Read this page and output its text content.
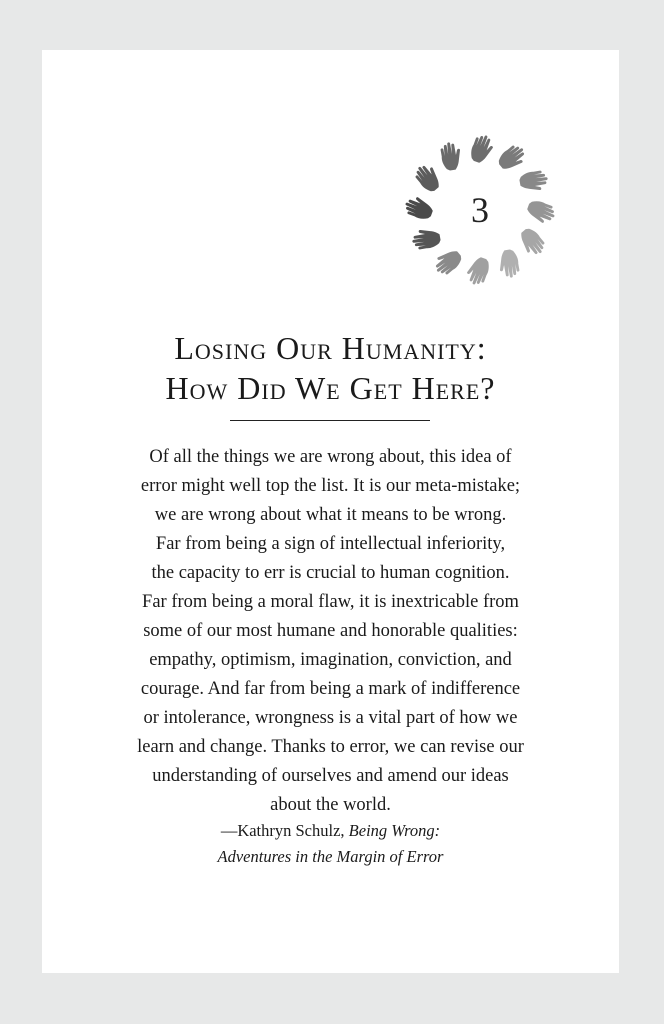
3
Losing Our Humanity:
How Did We Get Here?
Of all the things we are wrong about, this idea of
error might well top the list. It is our meta-mistake;
we are wrong about what it means to be wrong.
Far from being a sign of intellectual inferiority,
the capacity to err is crucial to human cognition.
Far from being a moral flaw, it is inextricable from
some of our most humane and honorable qualities:
empathy, optimism, imagination, conviction, and
courage. And far from being a mark of indifference
or intolerance, wrongness is a vital part of how we
learn and change. Thanks to error, we can revise our
understanding of ourselves and amend our ideas
about the world.
—Kathryn Schulz, Being Wrong:
Adventures in the Margin of Error
